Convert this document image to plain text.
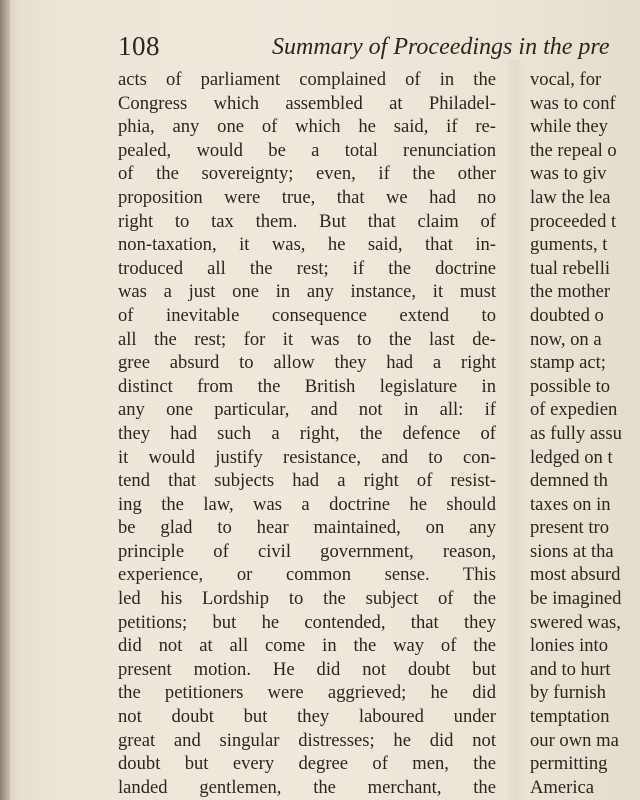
108	Summary of Proceedings in the pre
acts of parliament complained of in the
Congress which assembled at Philadel-
phia, any one of which he said, if re-
pealed, would be a total renunciation
of the sovereignty; even, if the other
proposition were true, that we had no
right to tax them. But that claim of
non-taxation, it was, he said, that in-
troduced all the rest; if the doctrine
was a just one in any instance, it must
of inevitable consequence extend to
all the rest; for it was to the last de-
gree absurd to allow they had a right
distinct from the British legislature in
any one particular, and not in all: if
they had such a right, the defence of
it would justify resistance, and to con-
tend that subjects had a right of resist-
ing the law, was a doctrine he should
be glad to hear maintained, on any
principle of civil government, reason,
experience, or common sense. This
led his Lordship to the subject of the
petitions; but he contended, that they
did not at all come in the way of the
present motion. He did not doubt but
the petitioners were aggrieved; he did
not doubt but they laboured under
great and singular distresses; he did not
doubt but every degree of men, the
landed gentlemen, the merchant, the
vocal, for
was to conf
while they
the repeal o
was to giv
law the lea
proceeded t
guments, t
tual rebelli
the mother
doubted o
now, on a
stamp act;
possible to
of expedien
as fully assu
ledged on t
demned th
taxes on in
present tro
sions at tha
most absurd
be imagined
swered was,
lonies into
and to hurt
by furnish
temptation
our own ma
permitting
America
